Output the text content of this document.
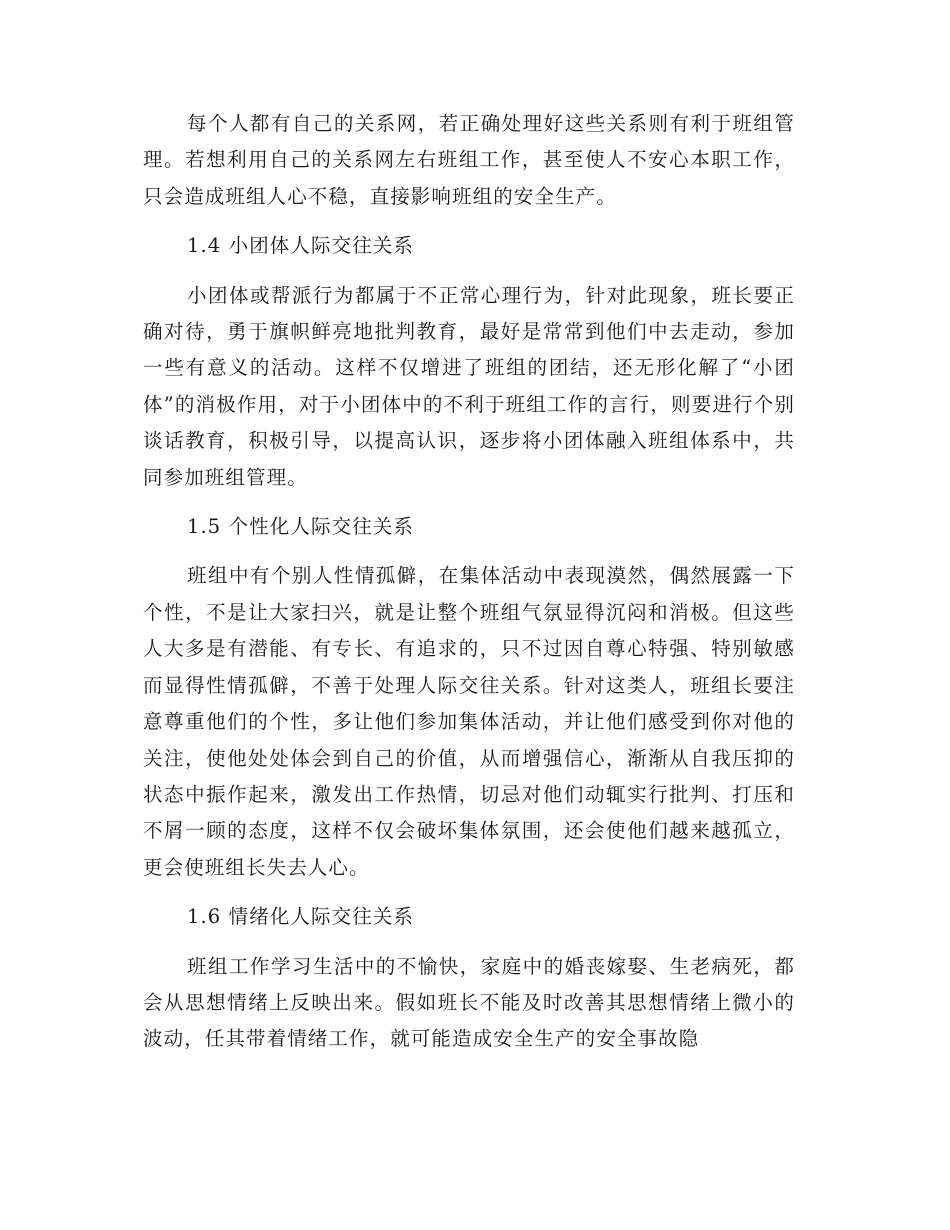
每个人都有自己的关系网，若正确处理好这些关系则有利于班组管理。若想利用自己的关系网左右班组工作，甚至使人不安心本职工作，只会造成班组人心不稳，直接影响班组的安全生产。

1.4 小团体人际交往关系

小团体或帮派行为都属于不正常心理行为，针对此现象，班长要正确对待，勇于旗帜鲜亮地批判教育，最好是常常到他们中去走动，参加一些有意义的活动。这样不仅增进了班组的团结，还无形化解了“小团体”的消极作用，对于小团体中的不利于班组工作的言行，则要进行个别谈话教育，积极引导，以提高认识，逐步将小团体融入班组体系中，共同参加班组管理。

1.5 个性化人际交往关系

班组中有个别人性情孤僻，在集体活动中表现漠然，偶然展露一下个性，不是让大家扫兴，就是让整个班组气氛显得沉闷和消极。但这些人大多是有潜能、有专长、有追求的，只不过因自尊心特强、特别敏感而显得性情孤僻，不善于处理人际交往关系。针对这类人，班组长要注意尊重他们的个性，多让他们参加集体活动，并让他们感受到你对他的关注，使他处处体会到自己的价值，从而增强信心，渐渐从自我压抑的状态中振作起来，激发出工作热情，切忌对他们动辄实行批判、打压和不屑一顾的态度，这样不仅会破坏集体氛围，还会使他们越来越孤立，更会使班组长失去人心。

1.6 情绪化人际交往关系

班组工作学习生活中的不愉快，家庭中的婚丧嫁娶、生老病死，都会从思想情绪上反映出来。假如班长不能及时改善其思想情绪上微小的波动，任其带着情绪工作，就可能造成安全生产的安全事故隐
